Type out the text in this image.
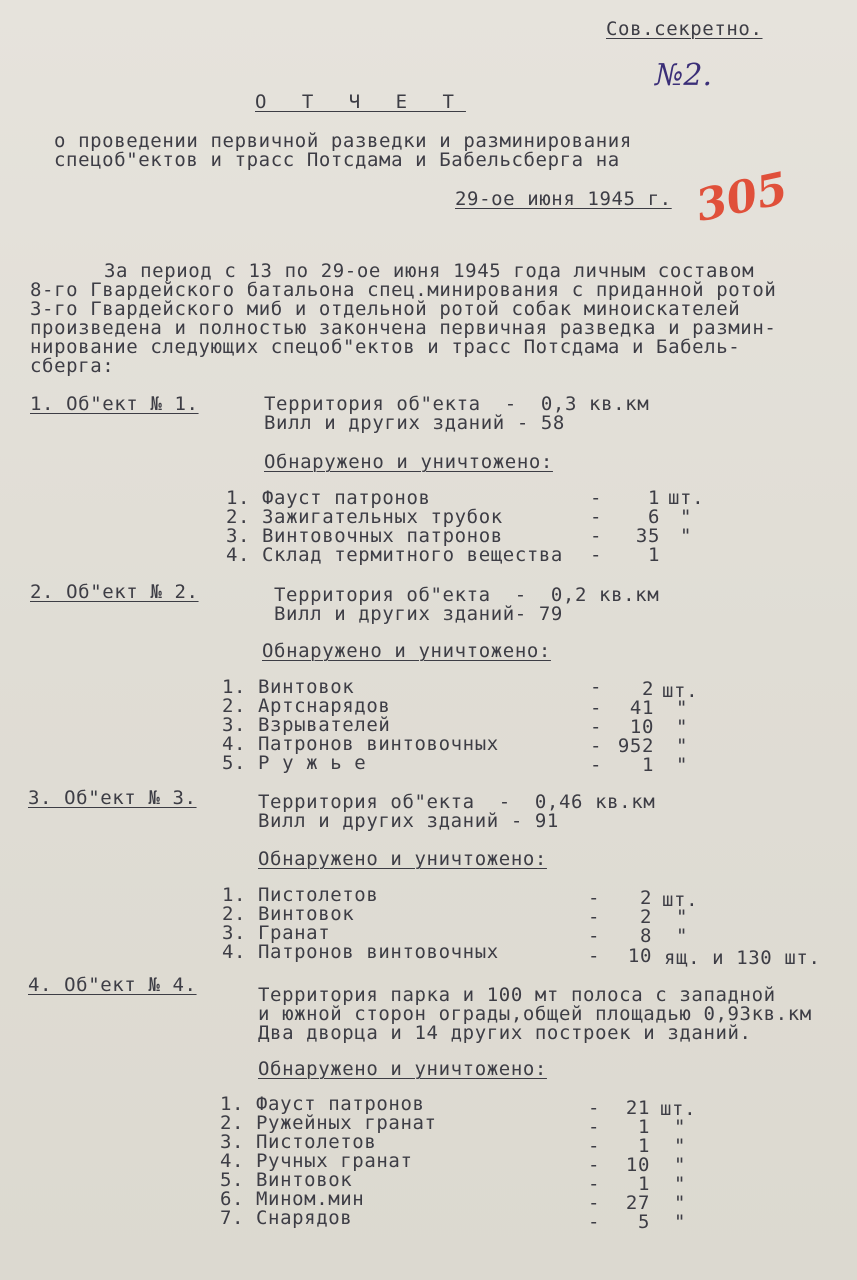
Сов.секретно.
№2.
О Т Ч Е Т
о проведении первичной разведки и разминирования
спецоб"ектов и трасс Потсдама и Бабельсберга на
29-ое июня 1945 г. 305
За период с 13 по 29-ое июня 1945 года личным составом
8-го Гвардейского батальона спец.минирования с приданной ротой
3-го Гвардейского миб и отдельной ротой собак миноискателей
произведена и полностью закончена первичная разведка и размин-
нирование следующих спецоб"ектов и трасс Потсдама и Бабель-
сберга:
1. Об"ект № 1.	Территория об"екта  -  0,3 кв.км
Вилл и других зданий - 58
Обнаружено и уничтожено:
1. Фауст патронов	-	1 шт.
2. Зажигательных трубок	-	6 "
3. Винтовочных патронов	-	35 "
4. Склад термитного вещества -	1
2. Об"ект № 2.	Территория об"екта  -  0,2 кв.км
Вилл и других зданий- 79
Обнаружено и уничтожено:
1. Винтовок	-	2 шт.
2. Артснарядов	-	41 "
3. Взрывателей	-	10 "
4. Патронов винтовочных	- 952 "
5. Р у ж ь е	-	1 "
3. Об"ект № 3.	Территория об"екта  -  0,46 кв.км
Вилл и других зданий - 91
Обнаружено и уничтожено:
1. Пистолетов	-	2 шт.
2. Винтовок	-	2 "
3. Гранат	-	8 "
4. Патронов винтовочных	-	10 ящ. и 130 шт.
4. Об"ект № 4.	Территория парка и 100 мт полоса с западной
и южной сторон ограды,общей площадью 0,93кв.км
Два дворца и 14 других построек и зданий.
Обнаружено и уничтожено:
1. Фауст патронов	-	21 шт.
2. Ружейных гранат	-	1 "
3. Пистолетов	-	1 "
4. Ручных гранат	-	10 "
5. Винтовок	-	1 "
6. Мином.мин	-	27 "
7. Снарядов	-	5 "
